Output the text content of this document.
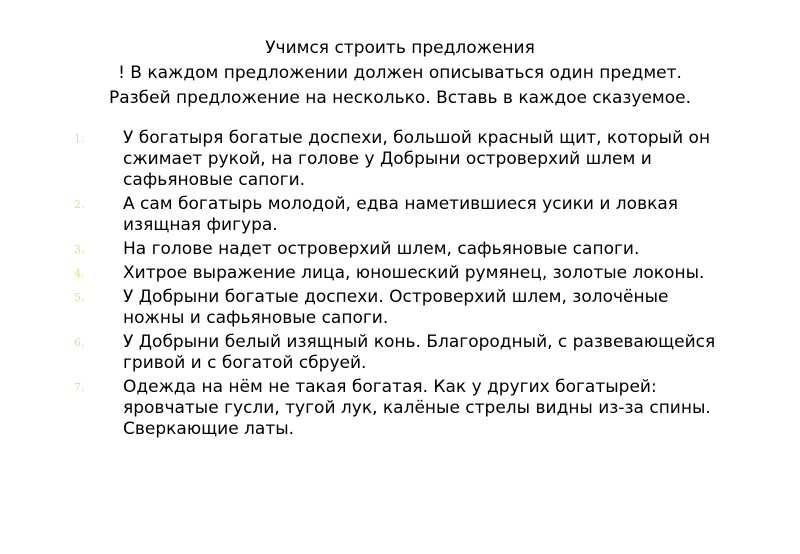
Учимся строить предложения
! В каждом предложении должен описываться один предмет.
Разбей предложение на несколько. Вставь в каждое сказуемое.
1. У богатыря богатые доспехи, большой красный щит, который он сжимает рукой, на голове у Добрыни островерхий шлем и сафьяновые сапоги.
2. А сам богатырь молодой, едва наметившиеся усики и ловкая изящная фигура.
3. На голове надет островерхий шлем, сафьяновые сапоги.
4. Хитрое выражение лица, юношеский румянец, золотые локоны.
5. У Добрыни богатые доспехи. Островерхий шлем, золочёные ножны и сафьяновые сапоги.
6. У Добрыни белый изящный конь. Благородный, с развевающейся гривой и с богатой сбруей.
7. Одежда на нём не такая богатая. Как у других богатырей: яровчатые гусли, тугой лук, калёные стрелы видны из-за спины. Сверкающие латы.
